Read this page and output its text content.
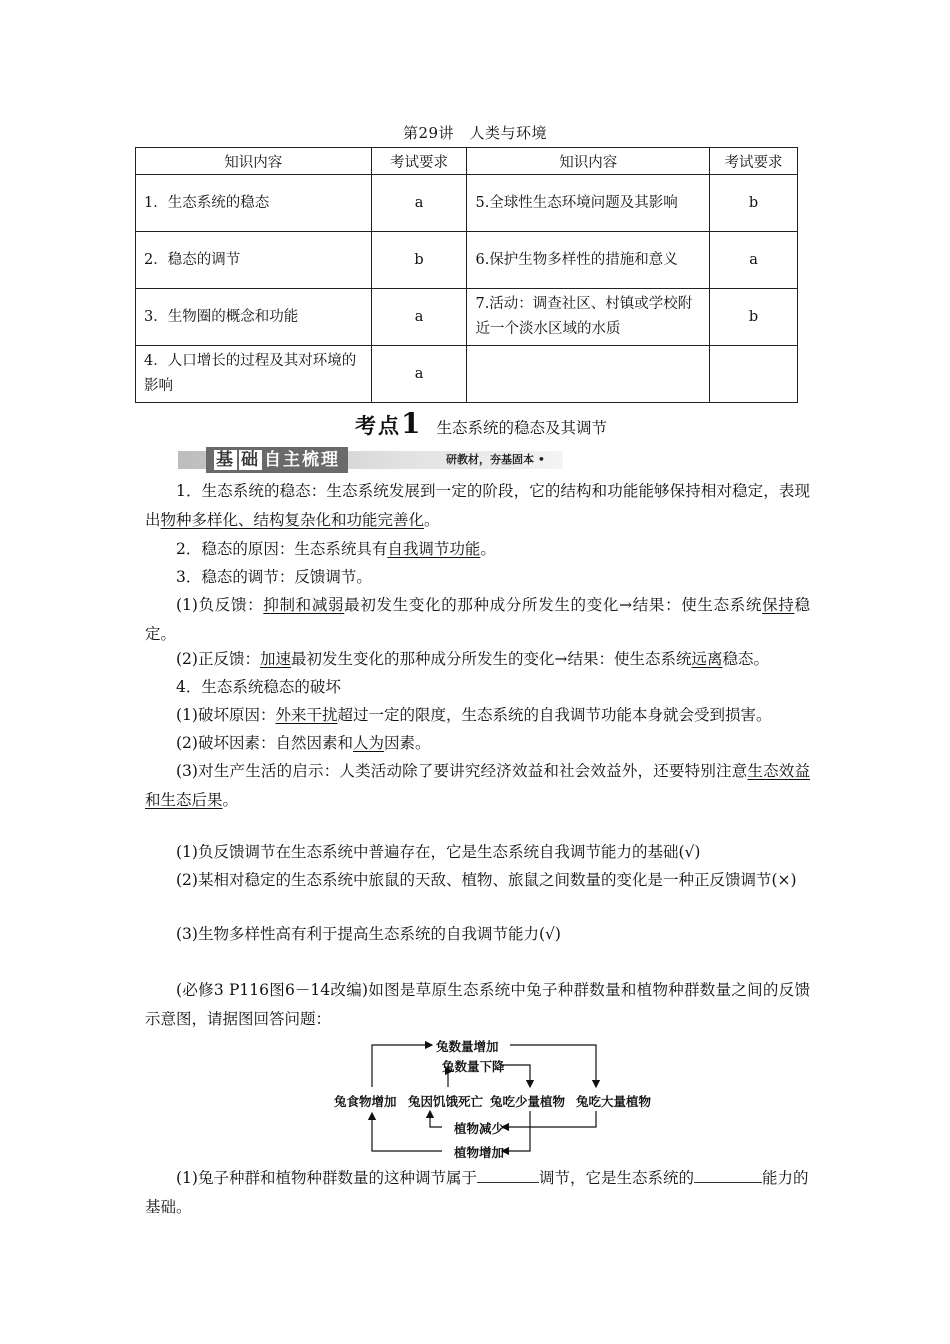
第29讲　人类与环境
知识内容	考试要求	知识内容	考试要求
1．生态系统的稳态	a	5.全球性生态环境问题及其影响	b
2．稳态的调节	b	6.保护生物多样性的措施和意义	a
3．生物圈的概念和功能	a	7.活动：调查社区、村镇或学校附近一个淡水区域的水质	b
4．人口增长的过程及其对环境的影响	a		
考点1 生态系统的稳态及其调节
基 础 自主梳理	研教材，夯基固本 •
1．生态系统的稳态：生态系统发展到一定的阶段，它的结构和功能能够保持相对稳定，表现出物种多样化、结构复杂化和功能完善化。
2．稳态的原因：生态系统具有自我调节功能。
3．稳态的调节：反馈调节。
(1)负反馈：抑制和减弱最初发生变化的那种成分所发生的变化→结果：使生态系统保持稳定。
(2)正反馈：加速最初发生变化的那种成分所发生的变化→结果：使生态系统远离稳态。
4．生态系统稳态的破坏
(1)破坏原因：外来干扰超过一定的限度，生态系统的自我调节功能本身就会受到损害。
(2)破坏因素：自然因素和人为因素。
(3)对生产生活的启示：人类活动除了要讲究经济效益和社会效益外，还要特别注意生态效益和生态后果。
(1)负反馈调节在生态系统中普遍存在，它是生态系统自我调节能力的基础(√)
(2)某相对稳定的生态系统中旅鼠的天敌、植物、旅鼠之间数量的变化是一种正反馈调节(×)
(3)生物多样性高有利于提高生态系统的自我调节能力(√)
(必修3 P116图6－14改编)如图是草原生态系统中兔子种群数量和植物种群数量之间的反馈示意图，请据图回答问题：
兔数量增加
兔数量下降
兔食物增加 兔因饥饿死亡 兔吃少量植物 兔吃大量植物
植物减少
植物增加
(1)兔子种群和植物种群数量的这种调节属于	调节，它是生态系统的	能力的基础。
